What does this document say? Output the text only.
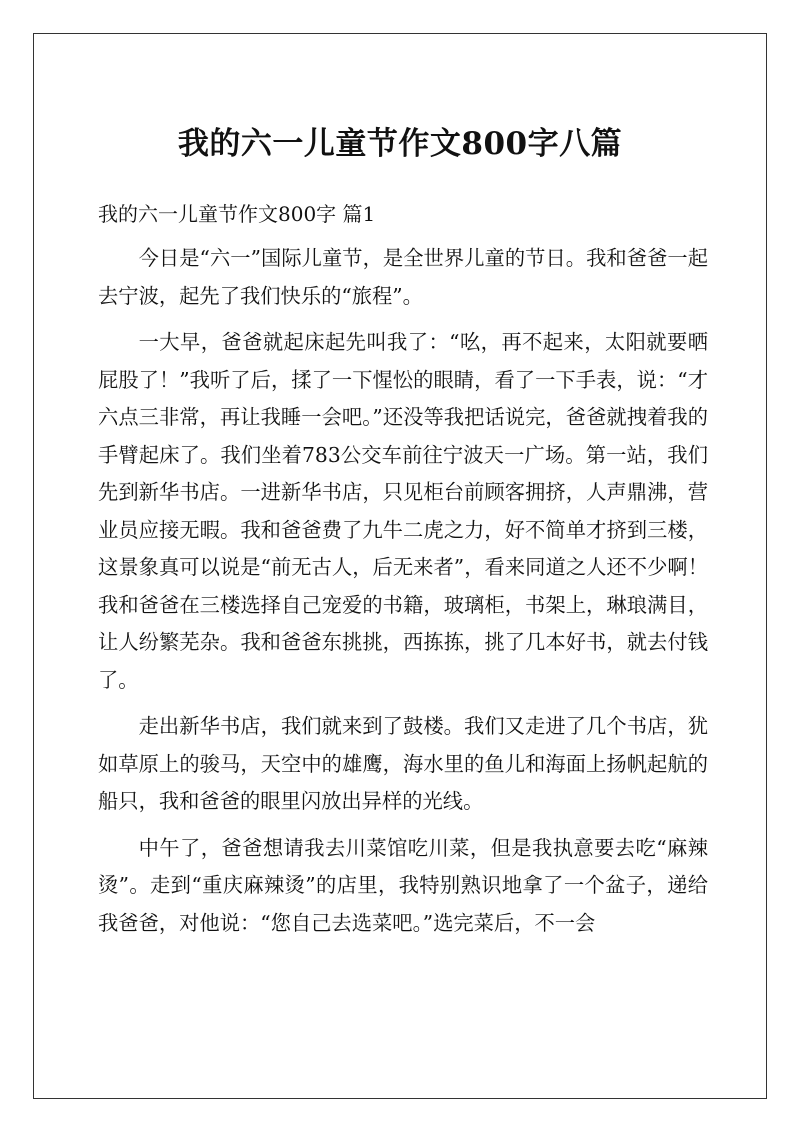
我的六一儿童节作文800字八篇
我的六一儿童节作文800字 篇1

今日是“六一”国际儿童节，是全世界儿童的节日。我和爸爸一起去宁波，起先了我们快乐的“旅程”。

一大早，爸爸就起床起先叫我了：“吆，再不起来，太阳就要晒屁股了！”我听了后，揉了一下惺忪的眼睛，看了一下手表，说：“才六点三非常，再让我睡一会吧。”还没等我把话说完，爸爸就拽着我的手臂起床了。我们坐着783公交车前往宁波天一广场。第一站，我们先到新华书店。一进新华书店，只见柜台前顾客拥挤，人声鼎沸，营业员应接无暇。我和爸爸费了九牛二虎之力，好不简单才挤到三楼，这景象真可以说是“前无古人，后无来者”，看来同道之人还不少啊！我和爸爸在三楼选择自己宠爱的书籍，玻璃柜，书架上，琳琅满目，让人纷繁芜杂。我和爸爸东挑挑，西拣拣，挑了几本好书，就去付钱了。

走出新华书店，我们就来到了鼓楼。我们又走进了几个书店，犹如草原上的骏马，天空中的雄鹰，海水里的鱼儿和海面上扬帆起航的船只，我和爸爸的眼里闪放出异样的光线。

中午了，爸爸想请我去川菜馆吃川菜，但是我执意要去吃“麻辣烫”。走到“重庆麻辣烫”的店里，我特别熟识地拿了一个盆子，递给我爸爸，对他说：“您自己去选菜吧。”选完菜后，不一会
